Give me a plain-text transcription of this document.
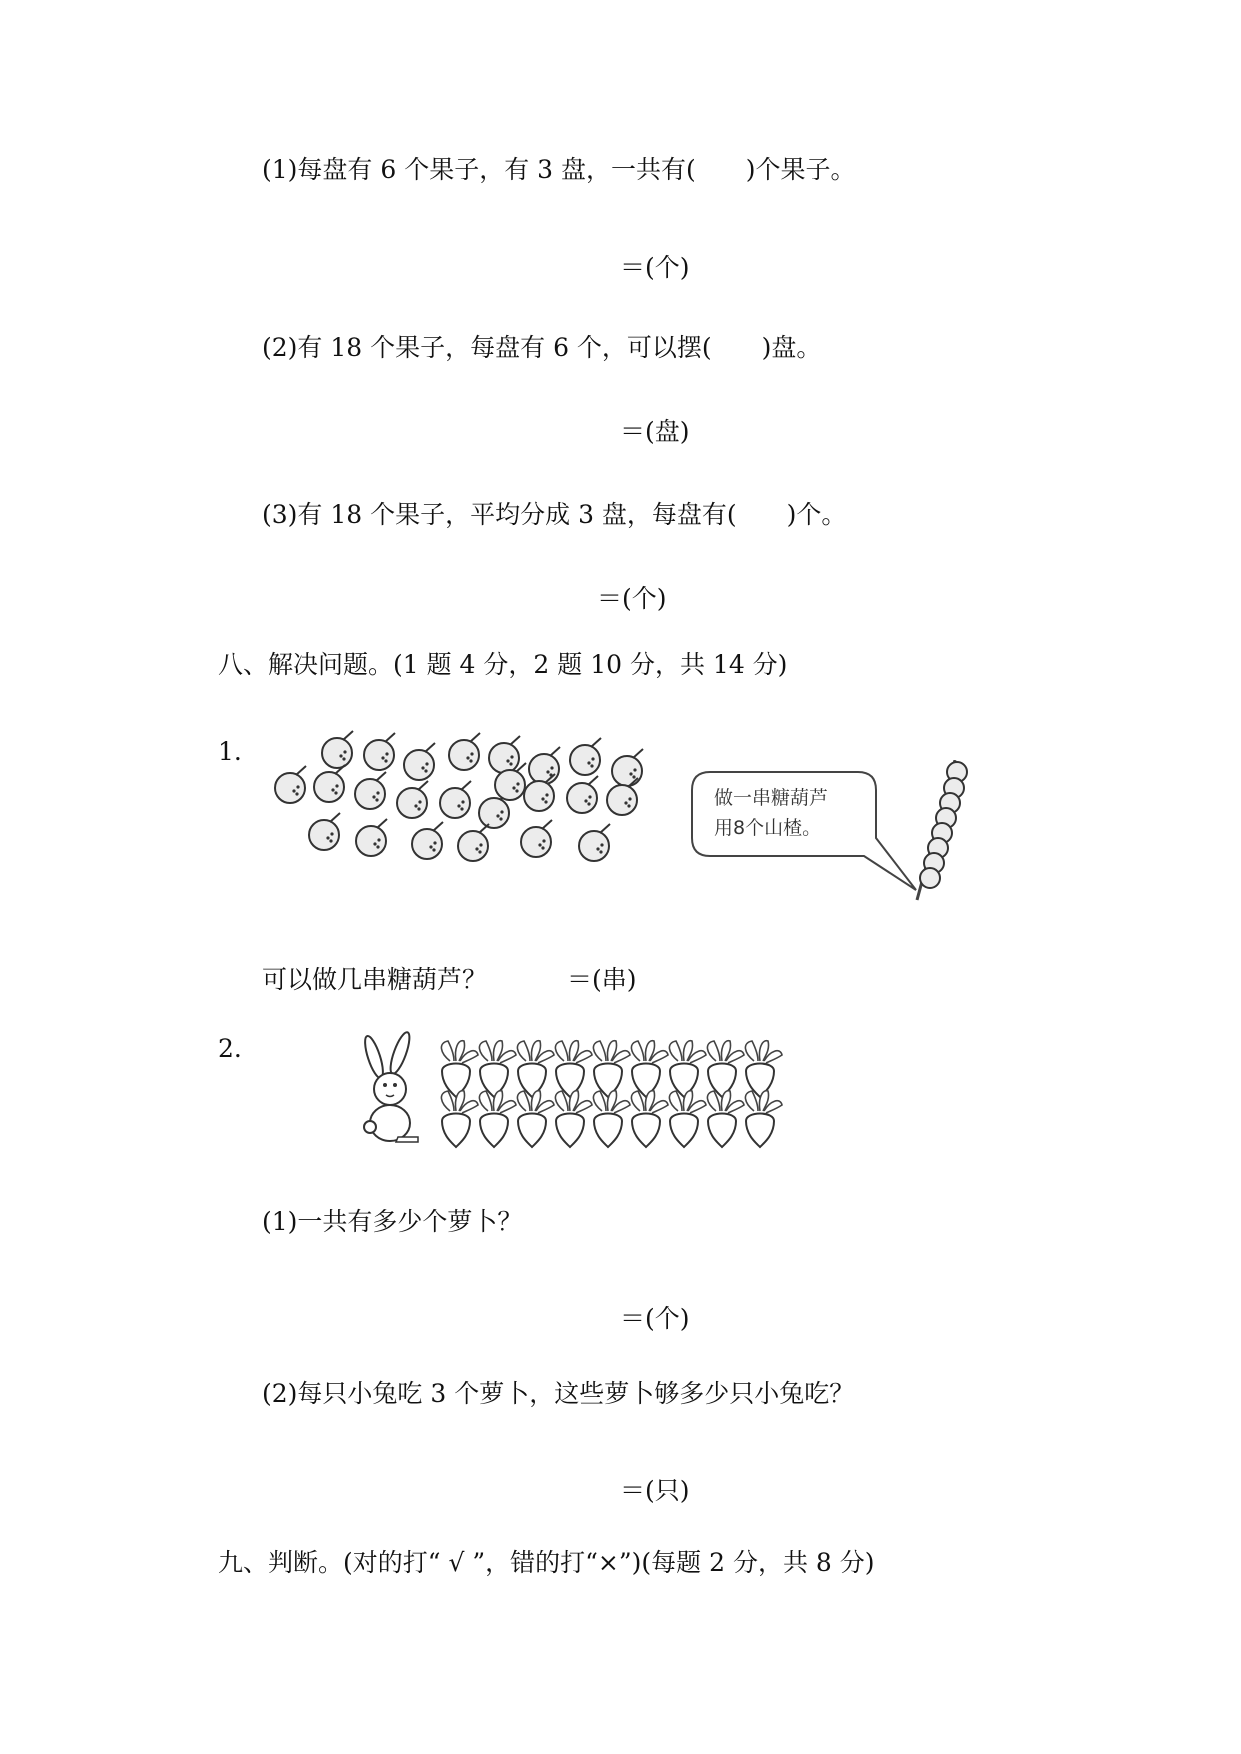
(1)每盘有 6 个果子，有 3 盘，一共有(　　)个果子。
＝(个)
(2)有 18 个果子，每盘有 6 个，可以摆(　　)盘。
＝(盘)
(3)有 18 个果子，平均分成 3 盘，每盘有(　　)个。
＝(个)
八、解决问题。(1 题 4 分，2 题 10 分，共 14 分)
1.
做一串糖葫芦
用8个山楂。
可以做几串糖葫芦？	＝(串)
2.
(1)一共有多少个萝卜？
＝(个)
(2)每只小兔吃 3 个萝卜，这些萝卜够多少只小兔吃？
＝(只)
九、判断。(对的打“ √ ”，错的打“×”)(每题 2 分，共 8 分)
